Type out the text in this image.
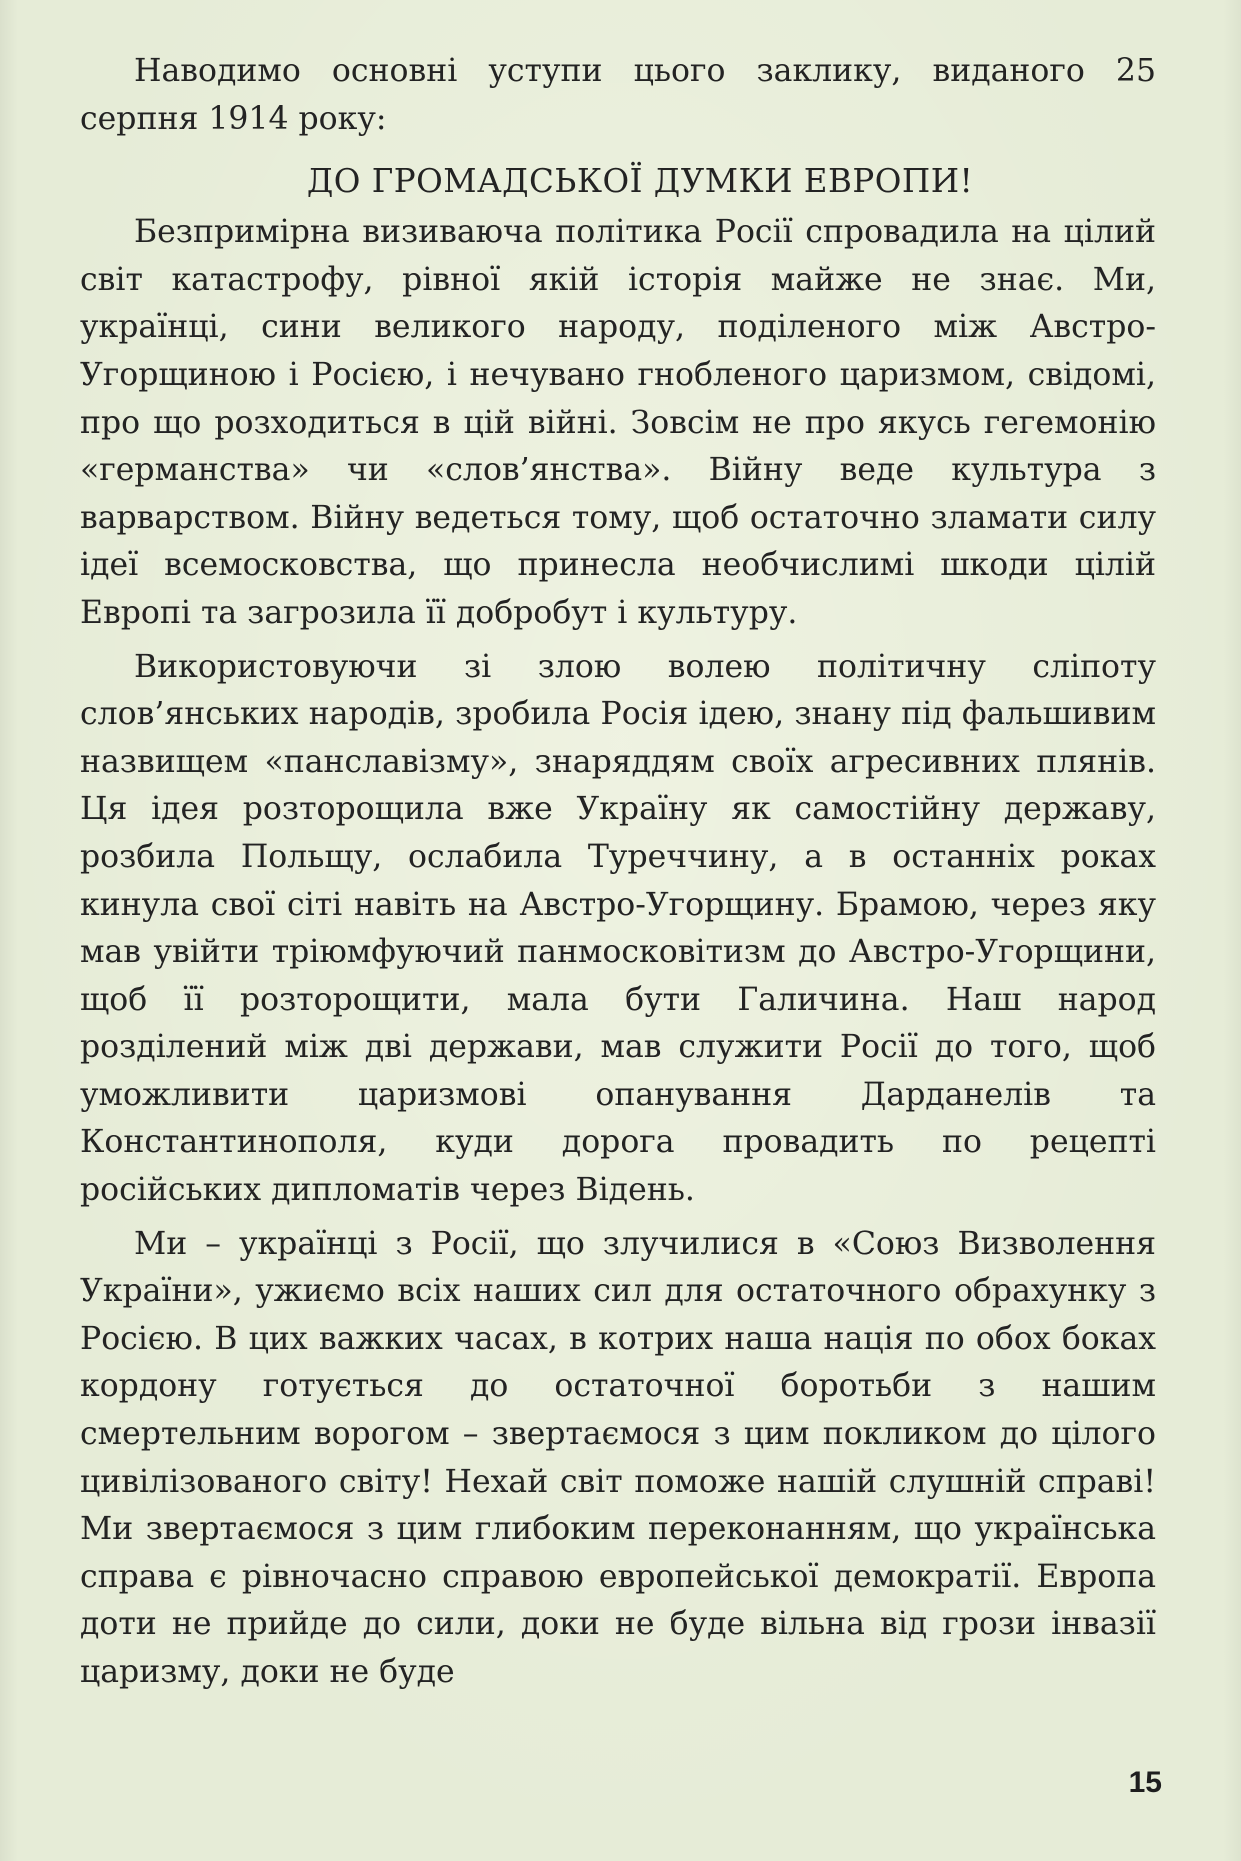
Наводимо основні уступи цього заклику, виданого 25 серпня 1914 року:

ДО ГРОМАДСЬКОЇ ДУМКИ ЕВРОПИ!

Безпримірна визиваюча політика Росії спровадила на цілий світ катастрофу, рівної якій історія майже не знає. Ми, українці, сини великого народу, поділеного між Австро-Угорщиною і Росією, і нечувано гнобленого царизмом, свідомі, про що розходиться в цій війні. Зовсім не про якусь гегемонію «германства» чи «слов’янства». Війну веде культура з варварством. Війну ведеться тому, щоб остаточно зламати силу ідеї всемосковства, що принесла необчислимі шкоди цілій Европі та загрозила її добробут і культуру.

Використовуючи зі злою волею політичну сліпоту слов’янських народів, зробила Росія ідею, знану під фальшивим назвищем «панславізму», знаряддям своїх агресивних плянів. Ця ідея розторощила вже Україну як самостійну державу, розбила Польщу, ослабила Туреччину, а в останніх роках кинула свої сіті навіть на Австро-Угорщину. Брамою, через яку мав увійти тріюмфуючий панмосковітизм до Австро-Угорщини, щоб її розторощити, мала бути Галичина. Наш народ розділений між дві держави, мав служити Росії до того, щоб уможливити царизмові опанування Дарданелів та Константинополя, куди дорога провадить по рецепті російських дипломатів через Відень.

Ми – українці з Росії, що злучилися в «Союз Визволення України», ужиємо всіх наших сил для остаточного обрахунку з Росією. В цих важких часах, в котрих наша нація по обох боках кордону готується до остаточної боротьби з нашим смертельним ворогом – звертаємося з цим покликом до цілого цивілізованого світу! Нехай світ поможе нашій слушній справі! Ми звертаємося з цим глибоким переконанням, що українська справа є рівночасно справою европейської демократії. Европа доти не прийде до сили, доки не буде вільна від грози інвазії царизму, доки не буде

15
